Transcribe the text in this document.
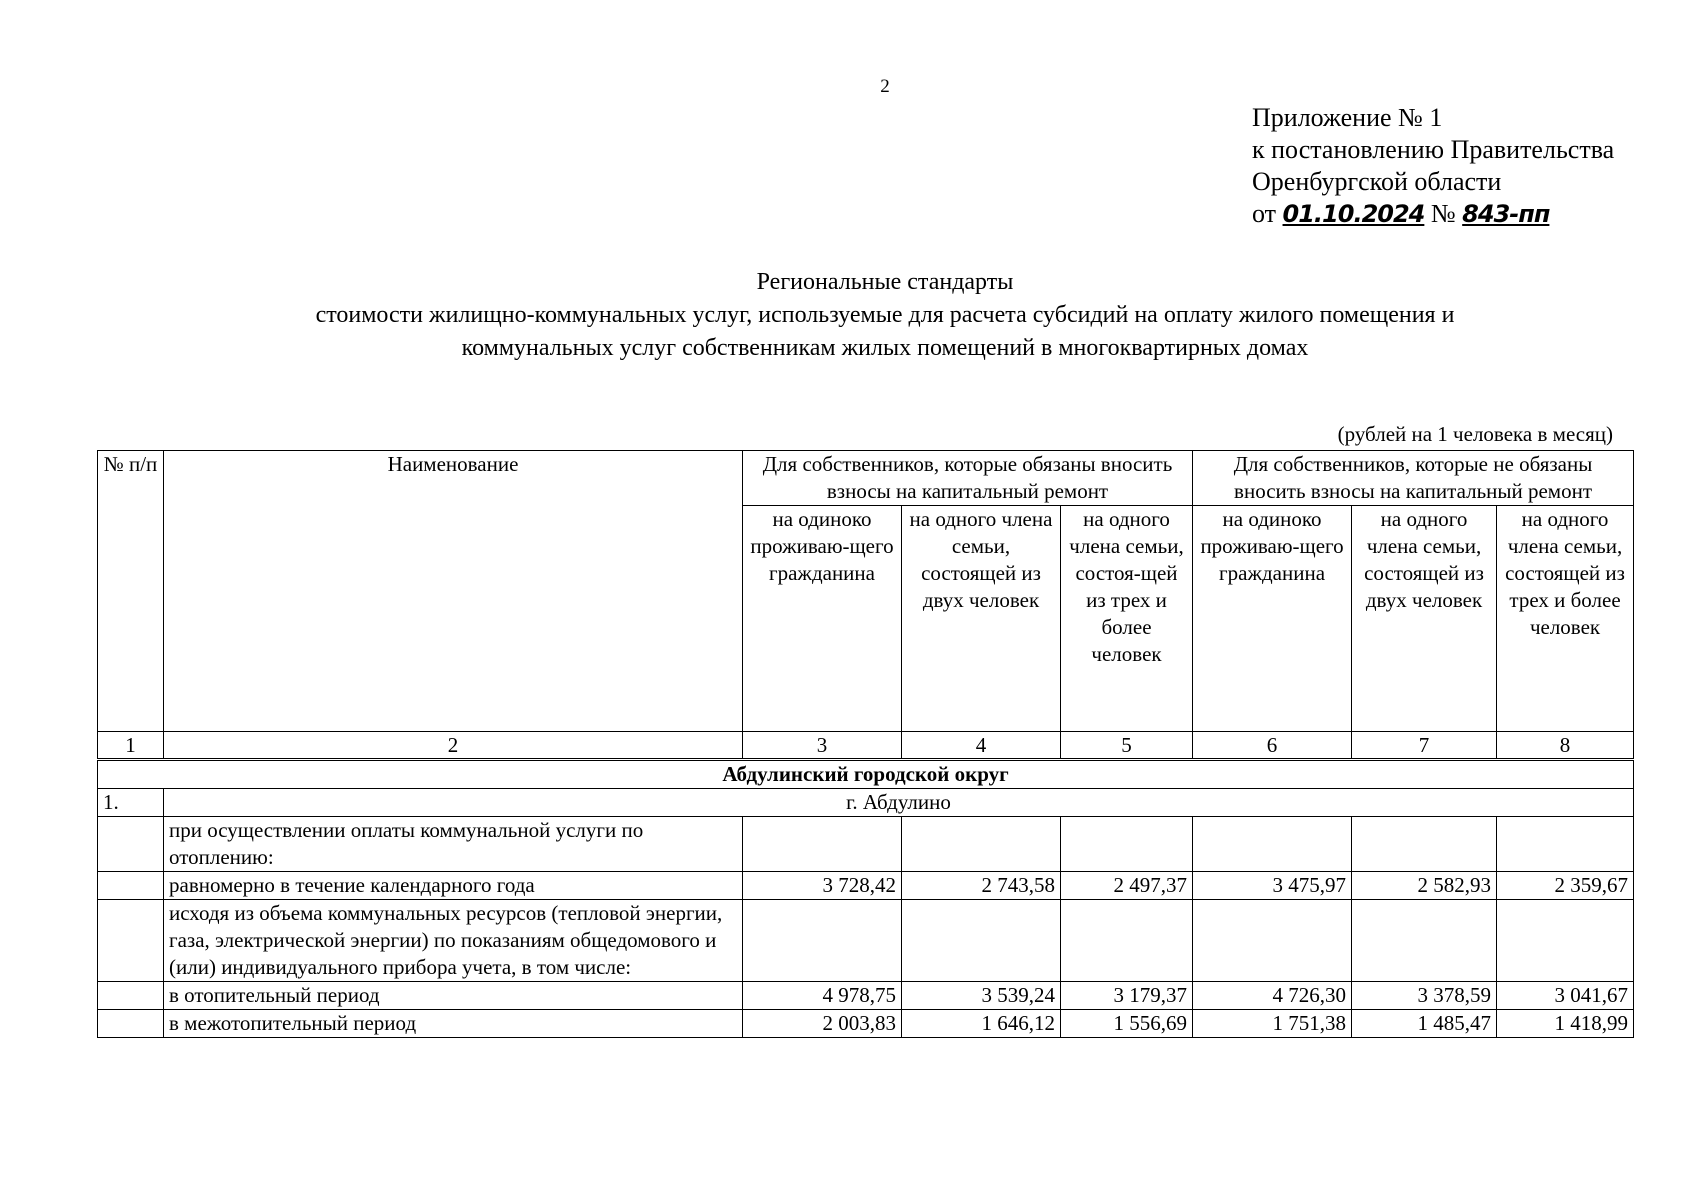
2
Приложение № 1
к постановлению Правительства
Оренбургской области
от 01.10.2024 № 843-пп
Региональные стандарты
стоимости жилищно-коммунальных услуг, используемые для расчета субсидий на оплату жилого помещения и
коммунальных услуг собственникам жилых помещений в многоквартирных домах
(рублей на 1 человека в месяц)
№ п/п	Наименование	Для собственников, которые обязаны вносить взносы на капитальный ремонт			Для собственников, которые не обязаны вносить взносы на капитальный ремонт		
		на одиноко проживаю-щего гражданина	на одного члена семьи, состоящей из двух человек	на одного члена семьи, состоя-щей из трех и более человек	на одиноко проживаю-щего гражданина	на одного члена семьи, состоящей из двух человек	на одного члена семьи, состоящей из трех и более человек
1	2	3	4	5	6	7	8
Абдулинский городской округ							
1.	г. Абдулино						
	при осуществлении оплаты коммунальной услуги по отоплению:						
	равномерно в течение календарного года	3 728,42	2 743,58	2 497,37	3 475,97	2 582,93	2 359,67
	исходя из объема коммунальных ресурсов (тепловой энергии, газа, электрической энергии) по показаниям общедомового и (или) индивидуального прибора учета, в том числе:						
	в отопительный период	4 978,75	3 539,24	3 179,37	4 726,30	3 378,59	3 041,67
	в межотопительный период	2 003,83	1 646,12	1 556,69	1 751,38	1 485,47	1 418,99
